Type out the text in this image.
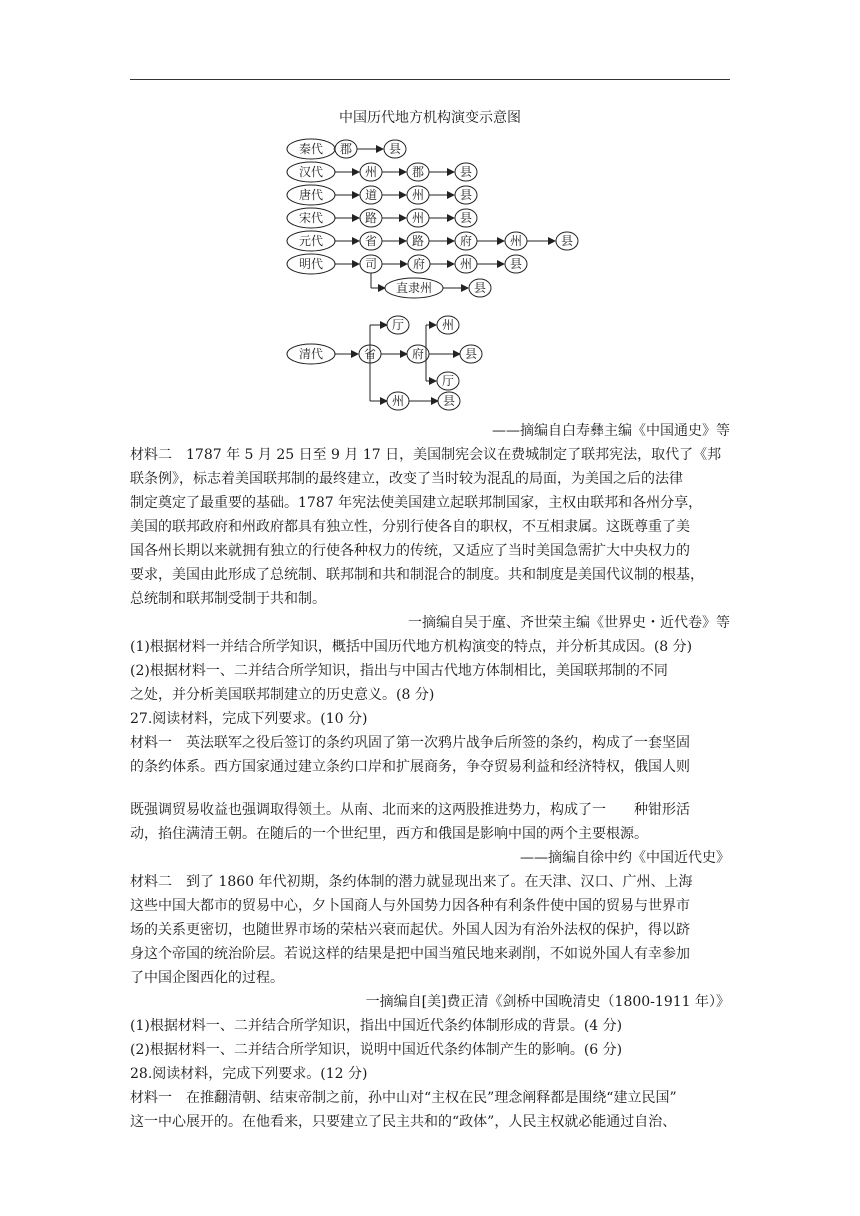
中国历代地方机构演变示意图
秦代 郡	县
汉代	州	郡	县
唐代	道	州	县
宋代	路	州	县
元代	省	路	府	州	县
明代	司	府	州	县
直隶州	县
清代	省
厅
府
州	县
州
县
厅

——摘编自白寿彝主编《中国通史》等

材料二　1787 年 5 月 25 日至 9 月 17 日，美国制宪会议在费城制定了联邦宪法，取代了《邦

联条例》，标志着美国联邦制的最终建立，改变了当时较为混乱的局面，为美国之后的法律

制定奠定了最重要的基础。1787 年宪法使美国建立起联邦制国家，主权由联邦和各州分享，

美国的联邦政府和州政府都具有独立性，分别行使各自的职权，不互相隶属。这既尊重了美

国各州长期以来就拥有独立的行使各种权力的传统，又适应了当时美国急需扩大中央权力的

要求，美国由此形成了总统制、联邦制和共和制混合的制度。共和制度是美国代议制的根基，

总统制和联邦制受制于共和制。

一摘编自吴于廑、齐世荣主编《世界史・近代卷》等

(1)根据材料一并结合所学知识，概括中国历代地方机构演变的特点，并分析其成因。(8 分)

(2)根据材料一、二并结合所学知识，指出与中国古代地方体制相比，美国联邦制的不同

之处，并分析美国联邦制建立的历史意义。(8 分)

27.阅读材料，完成下列要求。(10 分)

材料一　英法联军之役后签订的条约巩固了第一次鸦片战争后所签的条约，构成了一套坚固

的条约体系。西方国家通过建立条约口岸和扩展商务，争夺贸易利益和经济特权，俄国人则

既强调贸易收益也强调取得领土。从南、北而来的这两股推进势力，构成了一　　种钳形活

动，掐住满清王朝。在随后的一个世纪里，西方和俄国是影响中国的两个主要根源。

——摘编自徐中约《中国近代史》

材料二　到了 1860 年代初期，条约体制的潜力就显现出来了。在天津、汉口、广州、上海

这些中国大都市的贸易中心，夕卜国商人与外国势力因各种有利条件使中国的贸易与世界市

场的关系更密切，也随世界市场的荣枯兴衰而起伏。外国人因为有治外法权的保护，得以跻

身这个帝国的统治阶层。若说这样的结果是把中国当殖民地来剥削，不如说外国人有幸参加

了中国企图西化的过程。

一摘编自[美]费正清《剑桥中国晚清史（1800-1911 年）》

(1)根据材料一、二并结合所学知识，指出中国近代条约体制形成的背景。(4 分)

(2)根据材料一、二并结合所学知识，说明中国近代条约体制产生的影响。(6 分)

28.阅读材料，完成下列要求。(12 分)

材料一　在推翻清朝、结束帝制之前，孙中山对“主权在民”理念阐释都是围绕“建立民国”

这一中心展开的。在他看来，只要建立了民主共和的“政体”，人民主权就必能通过自治、
